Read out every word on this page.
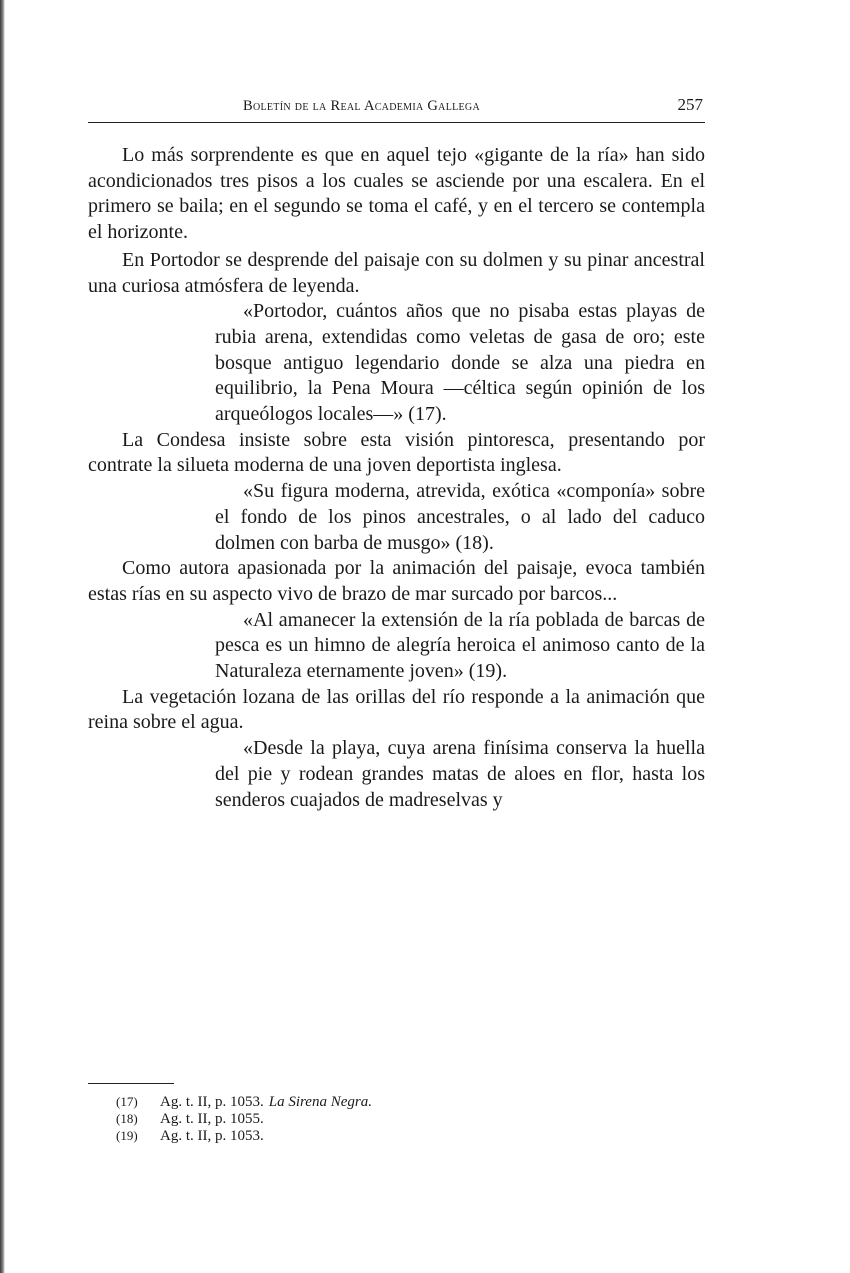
Boletín de la Real Academia Gallega	257

Lo más sorprendente es que en aquel tejo «gigante de la ría» han sido acondicionados tres pisos a los cuales se asciende por una escalera. En el primero se baila; en el segundo se toma el café, y en el tercero se contempla el horizonte.

En Portodor se desprende del paisaje con su dolmen y su pinar ancestral una curiosa atmósfera de leyenda.

«Portodor, cuántos años que no pisaba estas playas de rubia arena, extendidas como veletas de gasa de oro; este bosque antiguo legendario donde se alza una piedra en equilibrio, la Pena Moura —céltica según opinión de los arqueólogos locales—» (17).

La Condesa insiste sobre esta visión pintoresca, presentando por contrate la silueta moderna de una joven deportista inglesa.

«Su figura moderna, atrevida, exótica «componía» sobre el fondo de los pinos ancestrales, o al lado del caduco dolmen con barba de musgo» (18).

Como autora apasionada por la animación del paisaje, evoca también estas rías en su aspecto vivo de brazo de mar surcado por barcos...

«Al amanecer la extensión de la ría poblada de barcas de pesca es un himno de alegría heroica el animoso canto de la Naturaleza eternamente joven» (19).

La vegetación lozana de las orillas del río responde a la animación que reina sobre el agua.

«Desde la playa, cuya arena finísima conserva la huella del pie y rodean grandes matas de aloes en flor, hasta los senderos cuajados de madreselvas y
(17) Ag. t. II, p. 1053. La Sirena Negra.
(18) Ag. t. II, p. 1055.
(19) Ag. t. II, p. 1053.
